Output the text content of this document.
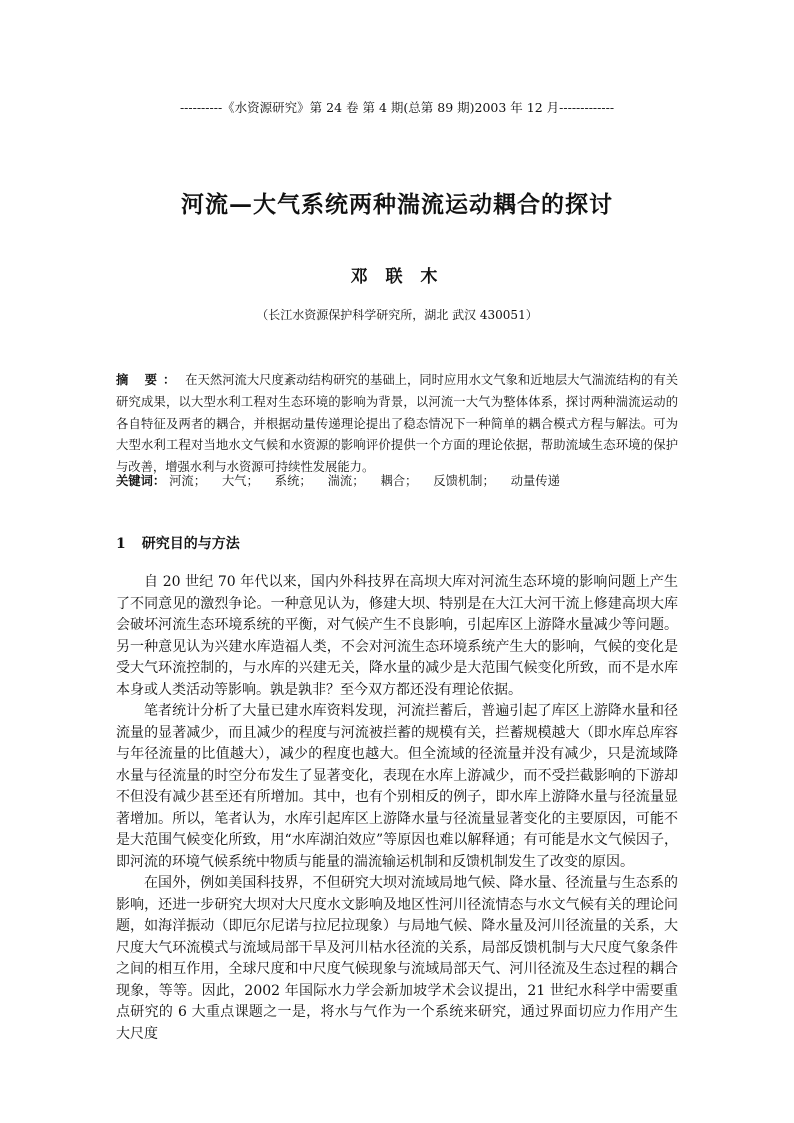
----------《水资源研究》第 24 卷 第 4 期(总第 89 期)2003 年 12 月-------------
河流—大气系统两种湍流运动耦合的探讨
邓 联 木
（长江水资源保护科学研究所，湖北 武汉 430051）
摘 要： 在天然河流大尺度紊动结构研究的基础上，同时应用水文气象和近地层大气湍流结构的有关研究成果，以大型水利工程对生态环境的影响为背景，以河流一大气为整体体系，探讨两种湍流运动的各自特征及两者的耦合，并根据动量传递理论提出了稳态情况下一种简单的耦合模式方程与解法。可为大型水利工程对当地水文气候和水资源的影响评价提供一个方面的理论依据，帮助流域生态环境的保护与改善，增强水利与水资源可持续性发展能力。
关键词： 河流； 大气； 系统； 湍流； 耦合； 反馈机制； 动量传递
1 研究目的与方法

自 20 世纪 70 年代以来，国内外科技界在高坝大库对河流生态环境的影响问题上产生了不同意见的激烈争论。一种意见认为，修建大坝、特别是在大江大河干流上修建高坝大库会破坏河流生态环境系统的平衡，对气候产生不良影响，引起库区上游降水量减少等问题。另一种意见认为兴建水库造福人类，不会对河流生态环境系统产生大的影响，气候的变化是受大气环流控制的，与水库的兴建无关，降水量的减少是大范围气候变化所致，而不是水库本身或人类活动等影响。孰是孰非？至今双方都还没有理论依据。

笔者统计分析了大量已建水库资料发现，河流拦蓄后，普遍引起了库区上游降水量和径流量的显著减少，而且减少的程度与河流被拦蓄的规模有关，拦蓄规模越大（即水库总库容与年径流量的比值越大），减少的程度也越大。但全流域的径流量并没有减少，只是流域降水量与径流量的时空分布发生了显著变化，表现在水库上游减少，而不受拦截影响的下游却不但没有减少甚至还有所增加。其中，也有个别相反的例子，即水库上游降水量与径流量显著增加。所以，笔者认为，水库引起库区上游降水量与径流量显著变化的主要原因，可能不是大范围气候变化所致，用“水库湖泊效应”等原因也难以解释通；有可能是水文气候因子，即河流的环境气候系统中物质与能量的湍流输运机制和反馈机制发生了改变的原因。

在国外，例如美国科技界，不但研究大坝对流域局地气候、降水量、径流量与生态系的影响，还进一步研究大坝对大尺度水文影响及地区性河川径流情态与水文气候有关的理论问题，如海洋振动（即厄尔尼诺与拉尼拉现象）与局地气候、降水量及河川径流量的关系，大尺度大气环流模式与流域局部干旱及河川枯水径流的关系，局部反馈机制与大尺度气象条件之间的相互作用，全球尺度和中尺度气候现象与流域局部天气、河川径流及生态过程的耦合现象，等等。因此，2002 年国际水力学会新加坡学术会议提出，21 世纪水科学中需要重点研究的 6 大重点课题之一是，将水与气作为一个系统来研究，通过界面切应力作用产生大尺度
